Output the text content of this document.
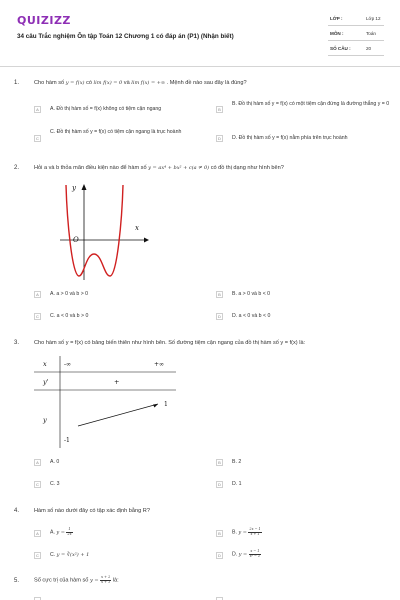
QUIZIZZ
34 câu Trắc nghiệm Ôn tập Toán 12 Chương 1 có đáp án (P1) (Nhận biết)
LỚP :	Lớp 12
MÔN :	Toán
SỐ CÂU :	20
1.	Cho hàm số y = f(x) có lim f(x) = 0 và lim f(x) = +∞ . Mệnh đề nào sau đây là đúng?
A	A. Đồ thị hàm số = f(x) không có tiệm cận ngang	B
B. Đồ thị hàm số y = f(x) có một tiệm cận đứng là đường thẳng y = 0
C
C. Đồ thị hàm số y = f(x) có tiệm cận ngang là trục hoành
D	D. Đồ thị hàm số y = f(x) nằm phía trên trục hoành
2.	Hỏi a và b thỏa mãn điều kiện nào để hàm số y = ax⁴ + bx² + c(a ≠ 0) có đồ thị dạng như hình bên?
y
x
O
A	A. a > 0 và b > 0	B	B. a > 0 và b < 0
C	C. a < 0 và b > 0	D	D. a < 0 và b < 0
3.	Cho hàm số y = f(x) có bảng biến thiên như hình bên. Số đường tiệm cận ngang của đồ thị hàm số y = f(x) là:
x	-∞	+∞
y'	+
y
1
-1
A	A. 0	B	B. 2
C	C. 3	D	D. 1
4.	Hàm số nào dưới đây có tập xác định bằng R?
A	A. $y = \frac{1}{2x}$	B	B. $y = \frac{2x - 1}{x + 1}$
C	C. y = ∛(x²) + 1	D	D. $y = \frac{x - 1}{\text{x² − 1}}$
5.	Số cực trị của hàm số $y = \frac{x + 2}{x + 1}$ là:
